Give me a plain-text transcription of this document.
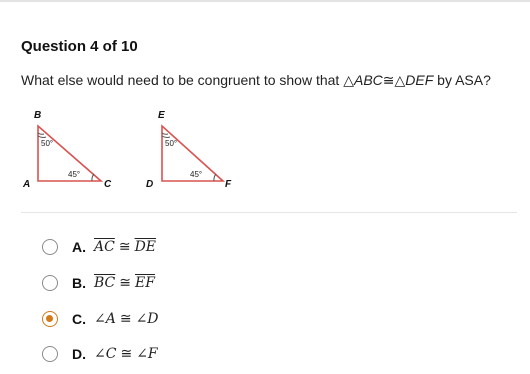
Question 4 of 10
What else would need to be congruent to show that △ABC≅△DEF by ASA?
B
A	C
50°
45°
E
D	F
50°
45°
A. $\overline{AC}$ ≅ $\overline{DE}$
B. $\overline{BC}$ ≅ $\overline{EF}$
C. ∠A ≅ ∠D
D. ∠C ≅ ∠F
